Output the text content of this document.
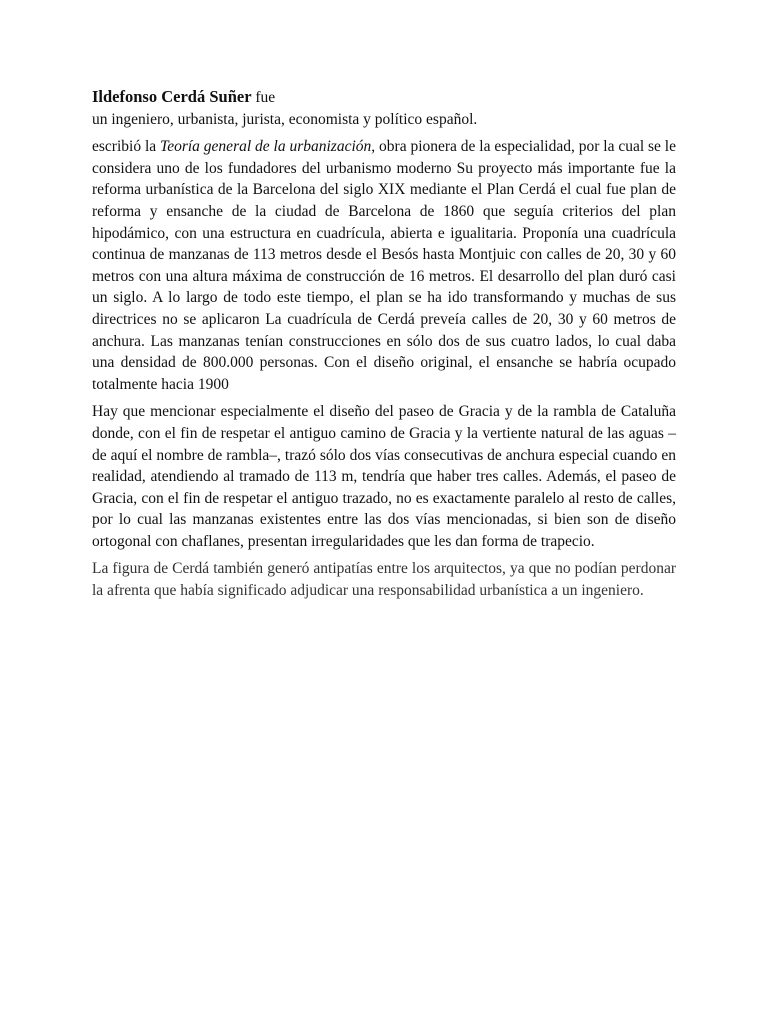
Ildefonso Cerdá Suñer fue

un ingeniero, urbanista, jurista, economista y político español.

escribió la Teoría general de la urbanización, obra pionera de la especialidad, por la cual se le considera uno de los fundadores del urbanismo moderno Su proyecto más importante fue la reforma urbanística de la Barcelona del siglo XIX mediante el Plan Cerdá el cual fue plan de reforma y ensanche de la ciudad de Barcelona de 1860 que seguía criterios del plan hipodámico, con una estructura en cuadrícula, abierta e igualitaria. Proponía una cuadrícula continua de manzanas de 113 metros desde el Besós hasta Montjuic con calles de 20, 30 y 60 metros con una altura máxima de construcción de 16 metros. El desarrollo del plan duró casi un siglo. A lo largo de todo este tiempo, el plan se ha ido transformando y muchas de sus directrices no se aplicaron La cuadrícula de Cerdá preveía calles de 20, 30 y 60 metros de anchura. Las manzanas tenían construcciones en sólo dos de sus cuatro lados, lo cual daba una densidad de 800.000 personas. Con el diseño original, el ensanche se habría ocupado totalmente hacia 1900

Hay que mencionar especialmente el diseño del paseo de Gracia y de la rambla de Cataluña donde, con el fin de respetar el antiguo camino de Gracia y la vertiente natural de las aguas –de aquí el nombre de rambla–, trazó sólo dos vías consecutivas de anchura especial cuando en realidad, atendiendo al tramado de 113 m, tendría que haber tres calles. Además, el paseo de Gracia, con el fin de respetar el antiguo trazado, no es exactamente paralelo al resto de calles, por lo cual las manzanas existentes entre las dos vías mencionadas, si bien son de diseño ortogonal con chaflanes, presentan irregularidades que les dan forma de trapecio.

La figura de Cerdá también generó antipatías entre los arquitectos, ya que no podían perdonar la afrenta que había significado adjudicar una responsabilidad urbanística a un ingeniero.
